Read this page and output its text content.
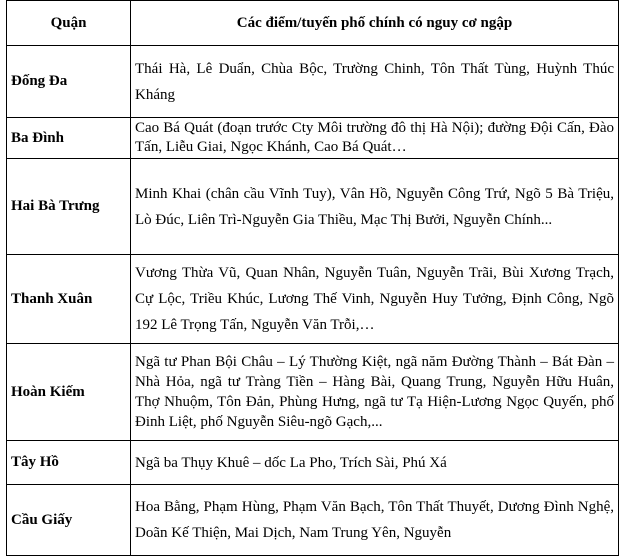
Quận	Các điểm/tuyến phố chính có nguy cơ ngập
Đống Đa	Thái Hà, Lê Duẩn, Chùa Bộc, Trường Chinh, Tôn Thất Tùng, Huỳnh Thúc Kháng
Ba Đình	Cao Bá Quát (đoạn trước Cty Môi trường đô thị Hà Nội); đường Đội Cấn, Đào Tấn, Liễu Giai, Ngọc Khánh, Cao Bá Quát…
Hai Bà Trưng	Minh Khai (chân cầu Vĩnh Tuy), Vân Hồ, Nguyễn Công Trứ, Ngõ 5 Bà Triệu, Lò Đúc, Liên Trì-Nguyễn Gia Thiều, Mạc Thị Bưởi, Nguyễn Chính...
Thanh Xuân	Vương Thừa Vũ, Quan Nhân, Nguyễn Tuân, Nguyễn Trãi, Bùi Xương Trạch, Cự Lộc, Triều Khúc, Lương Thế Vinh, Nguyễn Huy Tưởng, Định Công, Ngõ 192 Lê Trọng Tấn, Nguyễn Văn Trỗi,…
Hoàn Kiếm	Ngã tư Phan Bội Châu – Lý Thường Kiệt, ngã năm Đường Thành – Bát Đàn – Nhà Hỏa, ngã tư Tràng Tiền – Hàng Bài, Quang Trung, Nguyễn Hữu Huân, Thợ Nhuộm, Tôn Đản, Phùng Hưng, ngã tư Tạ Hiện-Lương Ngọc Quyến, phố Đinh Liệt, phố Nguyễn Siêu-ngõ Gạch,...
Tây Hồ	Ngã ba Thụy Khuê – dốc La Pho, Trích Sài, Phú Xá
Cầu Giấy	Hoa Bằng, Phạm Hùng, Phạm Văn Bạch, Tôn Thất Thuyết, Dương Đình Nghệ, Doãn Kế Thiện, Mai Dịch, Nam Trung Yên, Nguyễn
